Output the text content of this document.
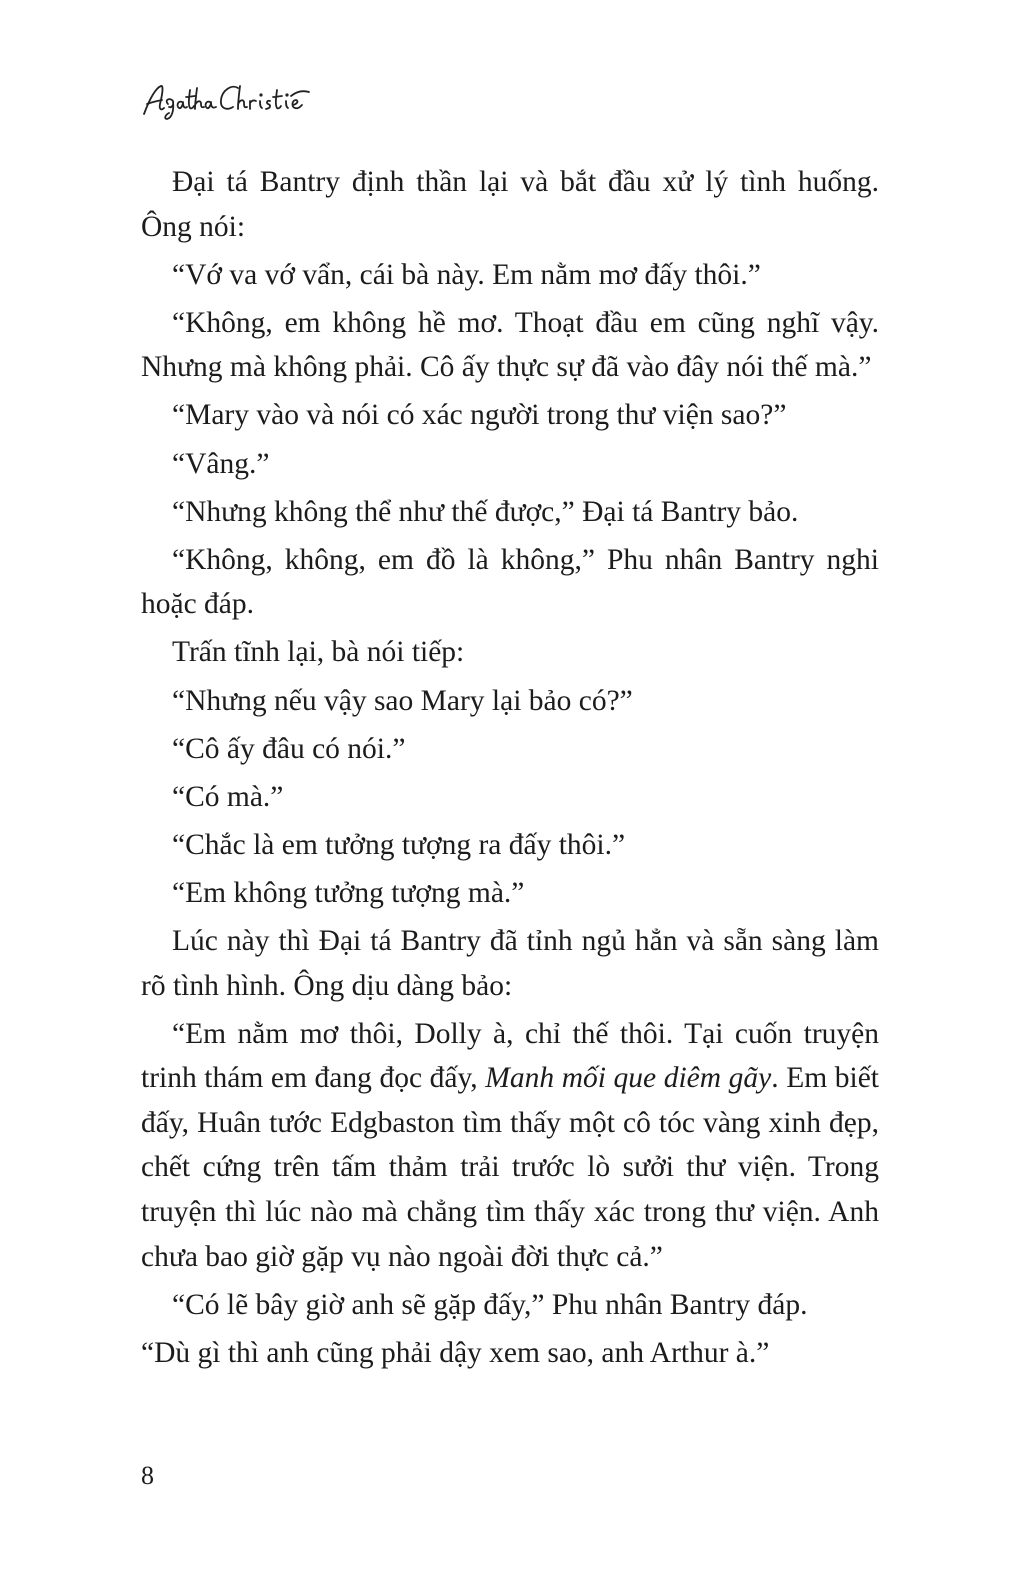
Đại tá Bantry định thần lại và bắt đầu xử lý tình huống. Ông nói:

“Vớ va vớ vẩn, cái bà này. Em nằm mơ đấy thôi.”

“Không, em không hề mơ. Thoạt đầu em cũng nghĩ vậy. Nhưng mà không phải. Cô ấy thực sự đã vào đây nói thế mà.”

“Mary vào và nói có xác người trong thư viện sao?”

“Vâng.”

“Nhưng không thể như thế được,” Đại tá Bantry bảo.

“Không, không, em đồ là không,” Phu nhân Bantry nghi hoặc đáp.

Trấn tĩnh lại, bà nói tiếp:

“Nhưng nếu vậy sao Mary lại bảo có?”

“Cô ấy đâu có nói.”

“Có mà.”

“Chắc là em tưởng tượng ra đấy thôi.”

“Em không tưởng tượng mà.”

Lúc này thì Đại tá Bantry đã tỉnh ngủ hẳn và sẵn sàng làm rõ tình hình. Ông dịu dàng bảo:

“Em nằm mơ thôi, Dolly à, chỉ thế thôi. Tại cuốn truyện trinh thám em đang đọc đấy, Manh mối que diêm gãy. Em biết đấy, Huân tước Edgbaston tìm thấy một cô tóc vàng xinh đẹp, chết cứng trên tấm thảm trải trước lò sưởi thư viện. Trong truyện thì lúc nào mà chẳng tìm thấy xác trong thư viện. Anh chưa bao giờ gặp vụ nào ngoài đời thực cả.”

“Có lẽ bây giờ anh sẽ gặp đấy,” Phu nhân Bantry đáp.

“Dù gì thì anh cũng phải dậy xem sao, anh Arthur à.”

8
